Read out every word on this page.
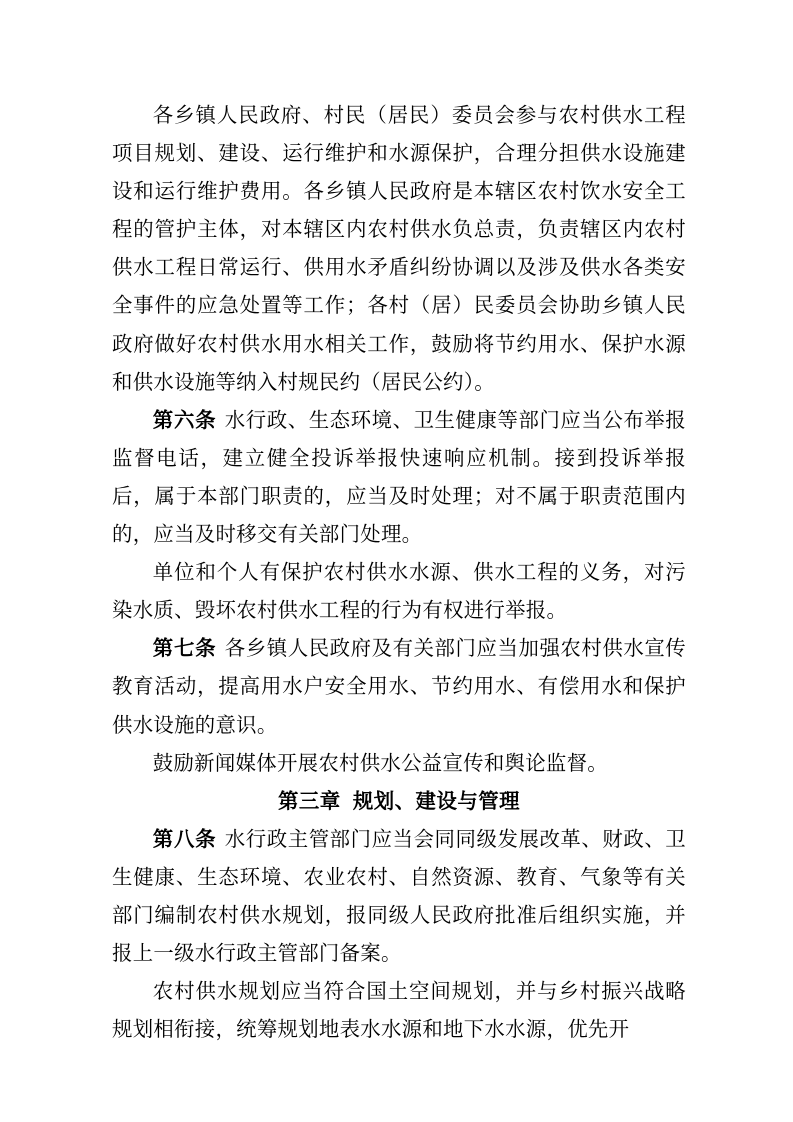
各乡镇人民政府、村民（居民）委员会参与农村供水工程项目规划、建设、运行维护和水源保护，合理分担供水设施建设和运行维护费用。各乡镇人民政府是本辖区农村饮水安全工程的管护主体，对本辖区内农村供水负总责，负责辖区内农村供水工程日常运行、供用水矛盾纠纷协调以及涉及供水各类安全事件的应急处置等工作；各村（居）民委员会协助乡镇人民政府做好农村供水用水相关工作，鼓励将节约用水、保护水源和供水设施等纳入村规民约（居民公约）。

第六条 水行政、生态环境、卫生健康等部门应当公布举报监督电话，建立健全投诉举报快速响应机制。接到投诉举报后，属于本部门职责的，应当及时处理；对不属于职责范围内的，应当及时移交有关部门处理。

单位和个人有保护农村供水水源、供水工程的义务，对污染水质、毁坏农村供水工程的行为有权进行举报。

第七条 各乡镇人民政府及有关部门应当加强农村供水宣传教育活动，提高用水户安全用水、节约用水、有偿用水和保护供水设施的意识。

鼓励新闻媒体开展农村供水公益宣传和舆论监督。

第三章 规划、建设与管理

第八条 水行政主管部门应当会同同级发展改革、财政、卫生健康、生态环境、农业农村、自然资源、教育、气象等有关部门编制农村供水规划，报同级人民政府批准后组织实施，并报上一级水行政主管部门备案。

农村供水规划应当符合国土空间规划，并与乡村振兴战略规划相衔接，统筹规划地表水水源和地下水水源，优先开
